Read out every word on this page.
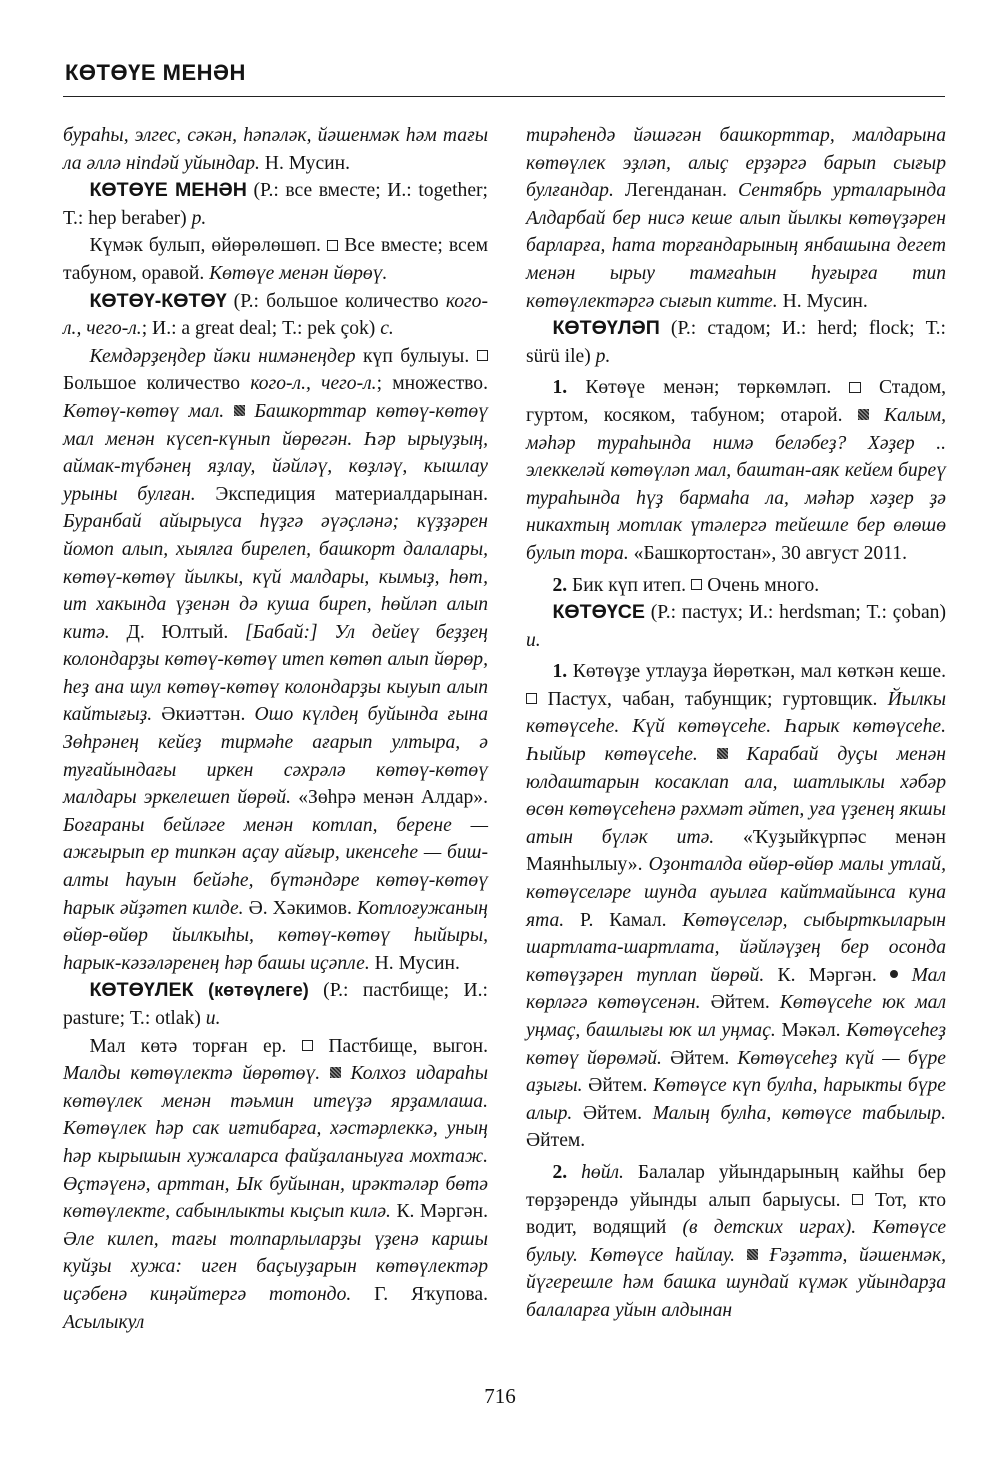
КӨТӨҮЕ МЕНӘН

бураһы, элгес, сәкән, һәпәләк, йәшенмәк һәм тағы ла әллә нindәй уйындар. Н. Мусин.

КӨТӨҮЕ МЕНӘН (Р.: все вместе; И.: together; Т.: hep beraber) р.

Күмәк булып, өйөрөлөшөп.  Все вместе; всем табуном, оравой. Көтөүе менән йөрөү.

КӨТӨҮ-КӨТӨҮ (Р.: большое количество кого-л., чего-л.; И.: a great deal; Т.: pek çok) с.

Кемдәрҙеңдер йәки нимәнеңдер күп булыуы.  Большое количество кого-л., чего-л.; множество. Көтөү-көтөү мал. Башкорттар көтөү-көтөү мал менән күсеп-күнып йөрөгән. Һәр ырыуҙың, аймак-түбәнең яҙлау, йәйләү, көҙләү, кышлау урыны булған. Экспедиция материалдарынан. Буранбай айырыуса һүҙгә әүәҫләнә; күҙҙәрен йомоп алып, хыялға бирелеп, башкорт далалары, көтөү-көтөү йылкы, күй малдары, кымыҙ, һөт, ит хакында үҙенән дә куша биреп, һөйләп алып китә. Д. Юлтый. [Бабай:] Ул дейеү беҙҙең колондарҙы көтөү-көтөү итеп көтөп алып йөрөр, һеҙ ана шул көтөү-көтөү колондарҙы кыуып алып кайтығыҙ. Әкиәттән. Ошо күлдең буйында ғына Зөһрәнең кейеҙ тирмәһе ағарып ултыра, ә туғайындағы иркен сәхрәлә көтөү-көтөү малдары эркелешеп йөрөй. «Зөһрә менән Алдар». Боғараны бейләге менән котлап, берене — ажғырып ер типкән аҫау айғыр, икенсеһе — биш-алты һауын бейәһе, бүтәндәре көтөү-көтөү һарык әйҙәтеп килде. Ә. Хәкимов. Котлоғужаның өйөр-өйөр йылкыһы, көтөү-көтөү һыйыры, һарык-кәзәләренең һәр башы иҫәпле. Н. Мусин.

КӨТӨҮЛЕК (көтөүлеге) (Р.: пастбище; И.: pasture; Т.: otlak) и.

Мал көтә торған ер.  Пастбище, выгон. Малды көтөүлектә йөрөтөү. Колхоз идараһы көтөүлек менән тәьмин итеүҙә ярҙамлаша. Көтөүлек һәр сак иғтибарға, хәстәрлеккә, уның һәр кырышын хужаларса файҙаланыуға мохтаж. Өҫтәүенә, арттан, Ык буйынан, ирәктәләр бөтә көтөүлекте, сабынлыкты кыҫып килә. К. Мәргән. Әле килеп, тағы толпарлыларҙы үҙенә каршы куйҙы хужа: иген баҫыуҙарын көтөүлектәр иҫәбенә киңәйтергә тотондо. Г. Яҡупова. Асылыкул

тирәһендә йәшәгән башкорттар, малдарына көтөүлек эҙләп, алыҫ ерҙәргә барып сығыр булғандар. Легенданан. Сентябрь урталарында Алдарбай бер нисә кеше алып йылкы көтөүҙәрен барларға, һата торғандарының янбашына дегет менән ырыу тамғаһын һуғырға тип көтөүлектәргә сығып китте. Н. Мусин.

КӨТӨҮЛӘП (Р.: стадом; И.: herd; flock; Т.: sürü ile) р.

1. Көтөүе менән; төркөмләп.  Стадом, гуртом, косяком, табуном; отарой.  Калым, мәһәр тураһында нимә беләбеҙ? Хәҙер .. элеккеләй көтөүләп мал, баштан-аяк кейем биреү тураһында һүҙ бармаһа ла, мәһәр хәҙер ҙә никахтың мотлак үтәлергә тейешле бер өлөшө булып тора. «Башкортостан», 30 август 2011.

2. Бик күп итеп.  Очень много.

КӨТӨҮСЕ (Р.: пастух; И.: herdsman; Т.: çoban) и.

1. Көтөүҙе утлауҙа йөрөткән, мал көткән кеше.  Пастух, чабан, табунщик; гуртовщик. Йылкы көтөүсеһе. Күй көтөүсеһе. Һарык көтөүсеһе. Һыйыр көтөүсеһе. Карабай дуҫы менән юлдаштарын косаклап ала, шатлыклы хәбәр өсөн көтөүсеһенә рәхмәт әйтеп, уға үҙенең якшы атын бүләк итә. «Ҡуҙыйкүрпәс менән Маянһылыу». Оҙонталда өйөр-өйөр малы утлай, көтөүселәре шунда ауылға кайтмайынса куна ята. Р. Камал. Көтөүселәр, сыбырткыларын шартлата-шартлата, йәйләүҙең бер осонда көтөүҙәрен туплап йөрөй. К. Мәргән.  Мал көрләгә көтөүсенән. Әйтем. Көтөүсеһе юк мал уңмаҫ, башлығы юк ил уңмаҫ. Мәкәл. Көтөүсеһеҙ көтөү йөрөмәй. Әйтем. Көтөүсеһеҙ күй — бүре аҙығы. Әйтем. Көтөүсе күп булһа, һарыкты бүре алыр. Әйтем. Малың булһа, көтөүсе табылыр. Әйтем.

2. һөйл. Балалар уйындарының кайһы бер төрҙәрендә уйынды алып барыусы.  Тот, кто водит, водящий (в детских играх). Көтөүсе булыу. Көтөүсе һайлау. Ғәҙәттә, йәшенмәк, йүгерешле һәм башка шундай күмәк уйындарҙа балаларға уйын алдынан

716
